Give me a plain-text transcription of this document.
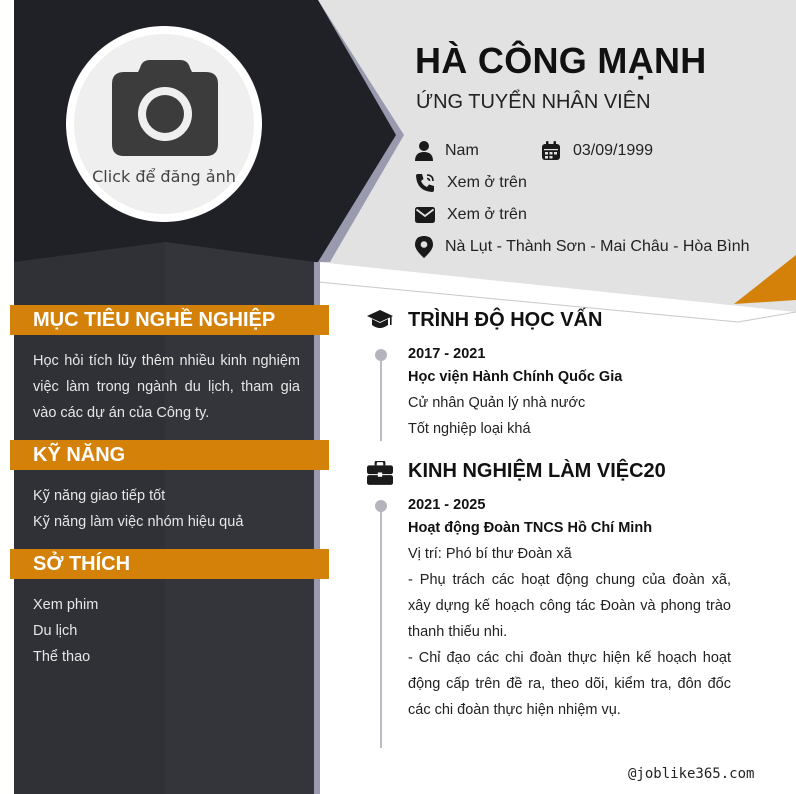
Click để đăng ảnh
HÀ CÔNG MẠNH
ỨNG TUYỂN NHÂN VIÊN
Nam	03/09/1999
Xem ở trên
Xem ở trên
Nà Lụt - Thành Sơn - Mai Châu - Hòa Bình
MỤC TIÊU NGHỀ NGHIỆP
Học hỏi tích lũy thêm nhiều kinh nghiệm việc làm trong ngành du lịch, tham gia vào các dự án của Công ty.
KỸ NĂNG
Kỹ năng giao tiếp tốt
Kỹ năng làm việc nhóm hiệu quả
SỞ THÍCH
Xem phim
Du lịch
Thể thao
TRÌNH ĐỘ HỌC VẤN
2017 - 2021
Học viện Hành Chính Quốc Gia
Cử nhân Quản lý nhà nước
Tốt nghiệp loại khá
KINH NGHIỆM LÀM VIỆC20
2021 - 2025
Hoạt động Đoàn TNCS Hồ Chí Minh
Vị trí: Phó bí thư Đoàn xã
- Phụ trách các hoạt động chung của đoàn xã, xây dựng kế hoạch công tác Đoàn và phong trào thanh thiếu nhi.
- Chỉ đạo các chi đoàn thực hiện kế hoạch hoạt động cấp trên đề ra, theo dõi, kiểm tra, đôn đốc các chi đoàn thực hiện nhiệm vụ.
@joblike365.com
